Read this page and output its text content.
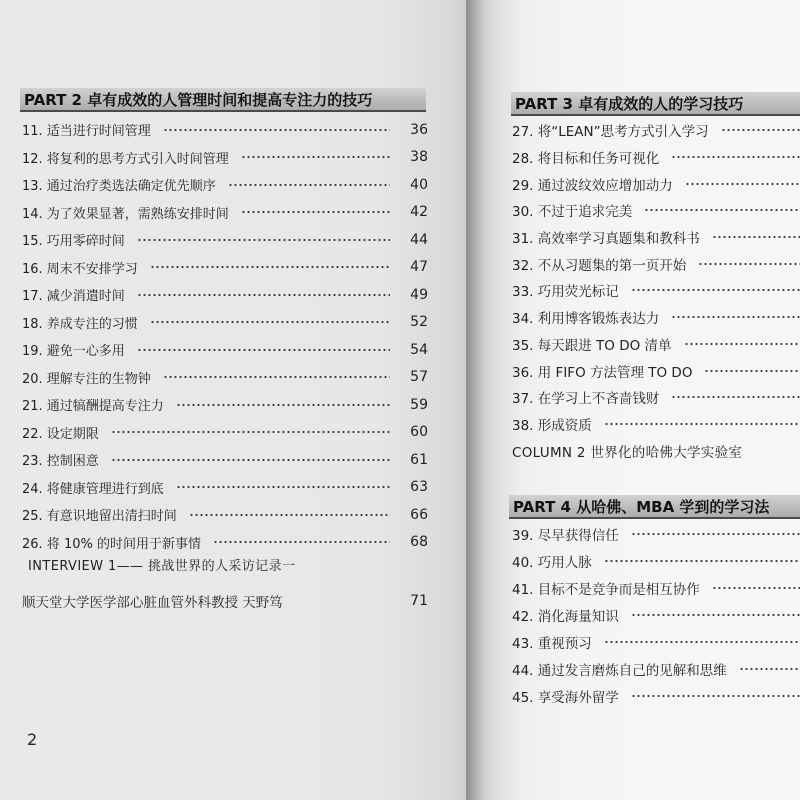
PART 2 卓有成效的人管理时间和提高专注力的技巧
11. 适当进行时间管理	36
12. 将复利的思考方式引入时间管理	38
13. 通过治疗类选法确定优先顺序	40
14. 为了效果显著，需熟练安排时间	42
15. 巧用零碎时间	44
16. 周末不安排学习	47
17. 减少消遣时间	49
18. 养成专注的习惯	52
19. 避免一心多用	54
20. 理解专注的生物钟	57
21. 通过犒酬提高专注力	59
22. 设定期限	60
23. 控制困意	61
24. 将健康管理进行到底	63
25. 有意识地留出清扫时间	66
26. 将 10% 的时间用于新事情	68
INTERVIEW 1—— 挑战世界的人采访记录一
顺天堂大学医学部心脏血管外科教授 天野笃	71
2
PART 3 卓有成效的人的学习技巧
27. 将“LEAN”思考方式引入学习
28. 将目标和任务可视化
29. 通过波纹效应增加动力
30. 不过于追求完美
31. 高效率学习真题集和教科书
32. 不从习题集的第一页开始
33. 巧用荧光标记
34. 利用博客锻炼表达力
35. 每天跟进 TO DO 清单
36. 用 FIFO 方法管理 TO DO
37. 在学习上不吝啬钱财
38. 形成资质
COLUMN 2 世界化的哈佛大学实验室
PART 4 从哈佛、MBA 学到的学习法
39. 尽早获得信任
40. 巧用人脉
41. 目标不是竞争而是相互协作
42. 消化海量知识
43. 重视预习
44. 通过发言磨炼自己的见解和思维
45. 享受海外留学
